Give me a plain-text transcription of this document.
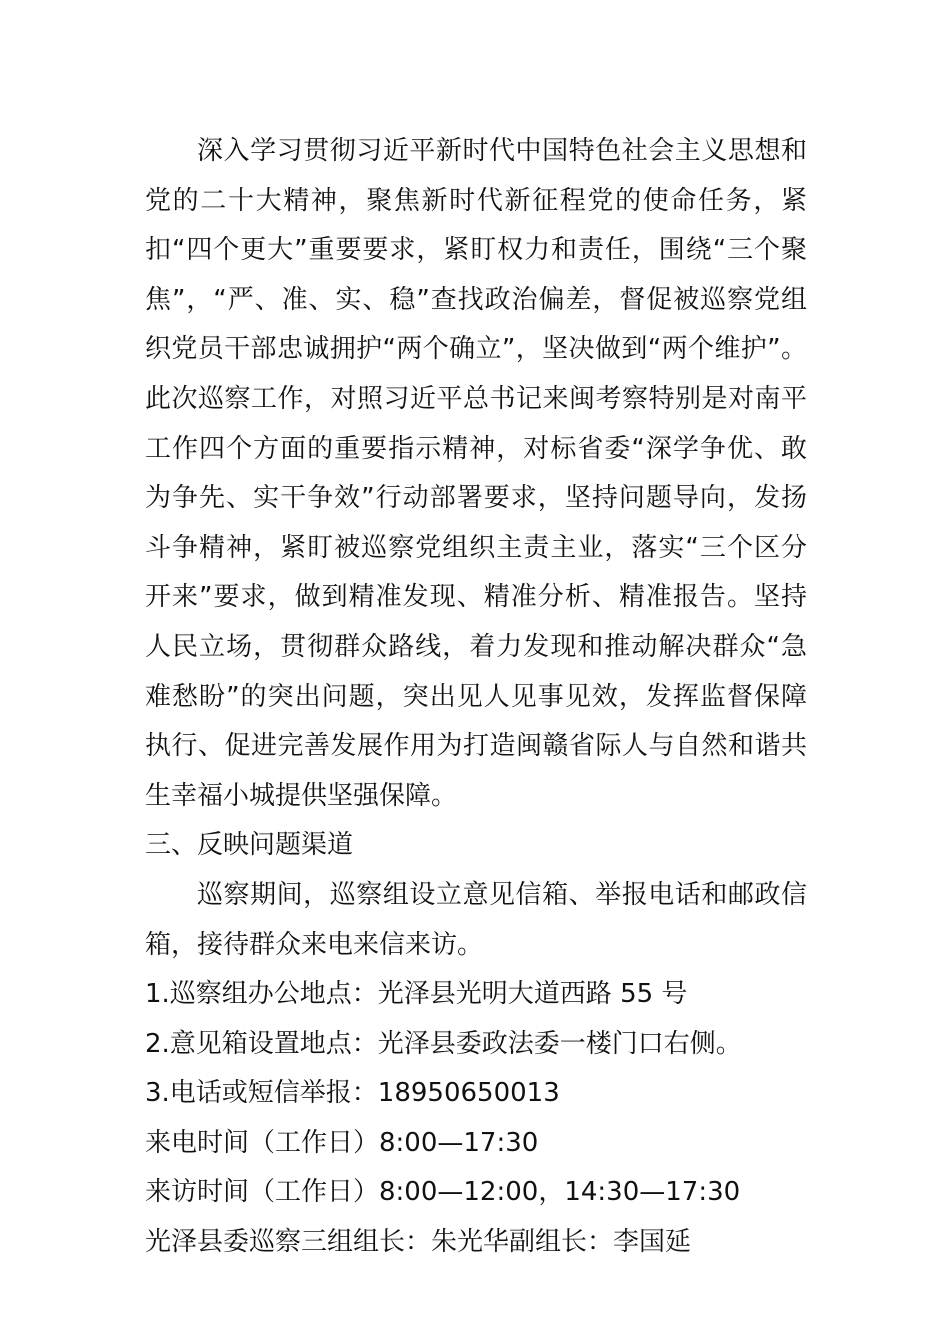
深入学习贯彻习近平新时代中国特色社会主义思想和党的二十大精神，聚焦新时代新征程党的使命任务，紧扣“四个更大”重要要求，紧盯权力和责任，围绕“三个聚焦”，“严、准、实、稳”查找政治偏差，督促被巡察党组织党员干部忠诚拥护“两个确立”，坚决做到“两个维护”。此次巡察工作，对照习近平总书记来闽考察特别是对南平工作四个方面的重要指示精神，对标省委“深学争优、敢为争先、实干争效”行动部署要求，坚持问题导向，发扬斗争精神，紧盯被巡察党组织主责主业，落实“三个区分开来”要求，做到精准发现、精准分析、精准报告。坚持人民立场，贯彻群众路线，着力发现和推动解决群众“急难愁盼”的突出问题，突出见人见事见效，发挥监督保障执行、促进完善发展作用为打造闽赣省际人与自然和谐共生幸福小城提供坚强保障。

三、反映问题渠道

巡察期间，巡察组设立意见信箱、举报电话和邮政信箱，接待群众来电来信来访。

1.巡察组办公地点：光泽县光明大道西路 55 号

2.意见箱设置地点：光泽县委政法委一楼门口右侧。

3.电话或短信举报：18950650013

来电时间（工作日）8:00—17:30

来访时间（工作日）8:00—12:00，14:30—17:30

光泽县委巡察三组组长：朱光华副组长：李国延
